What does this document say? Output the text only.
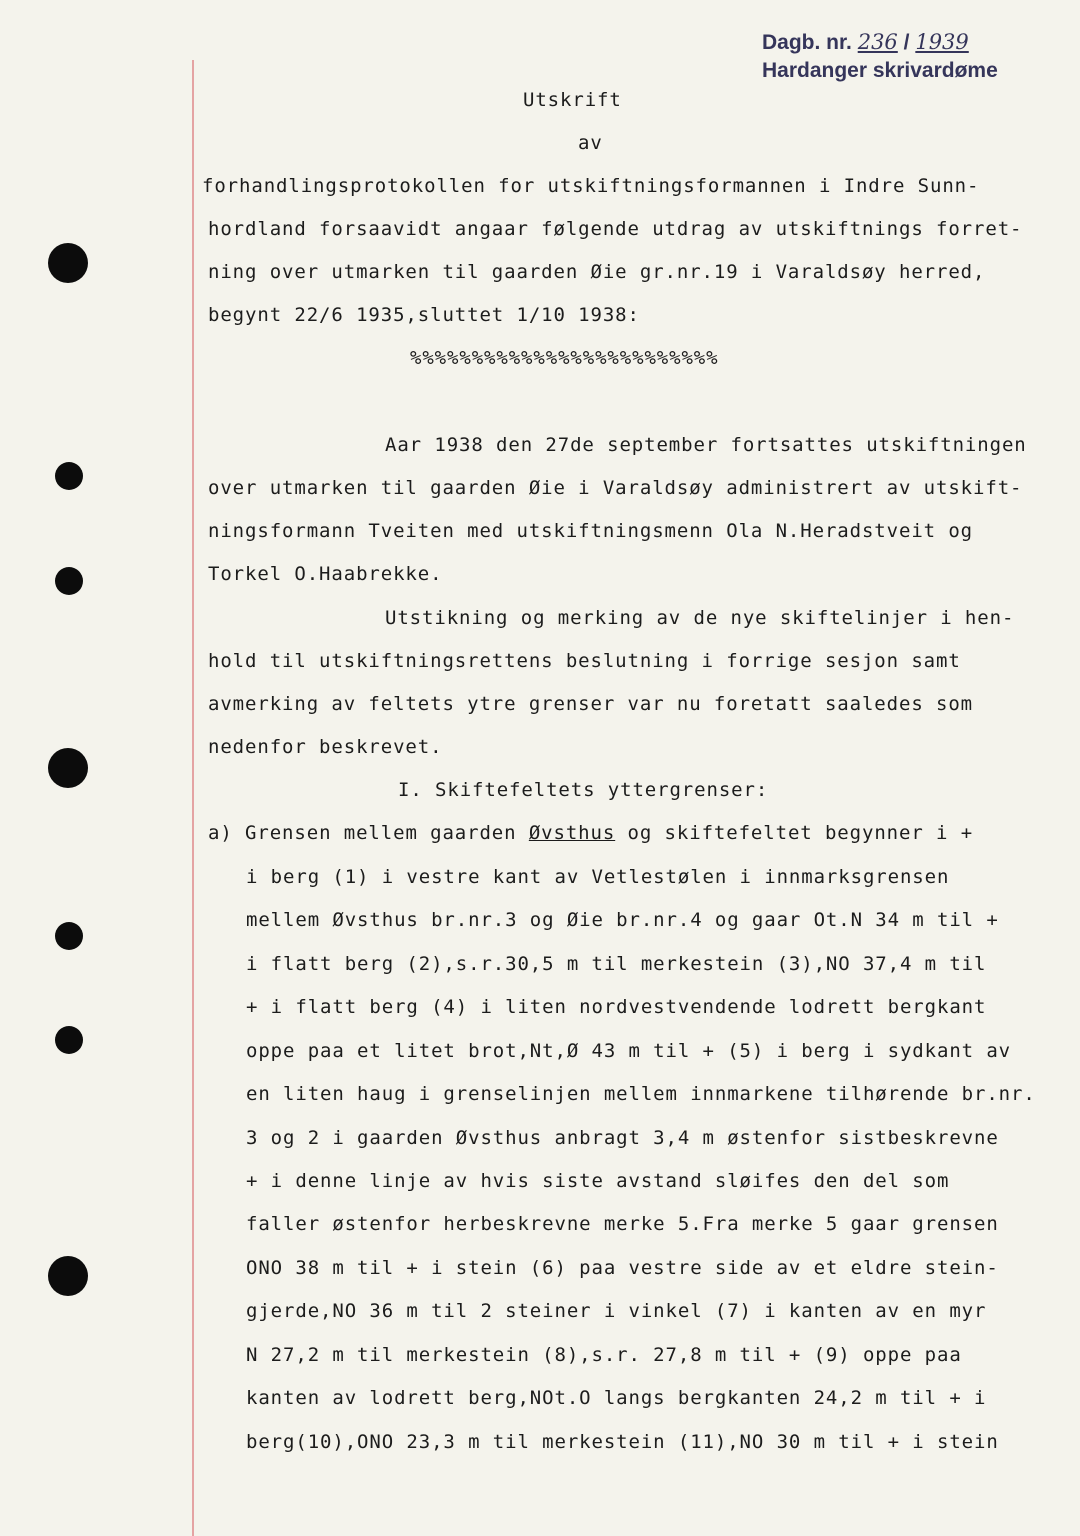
Dagb. nr. 236 / 1939
Hardanger skrivardøme
Utskrift
av
forhandlingsprotokollen for utskiftningsformannen i Indre Sunn-
hordland forsaavidt angaar følgende utdrag av utskiftnings forret-
ning over utmarken til gaarden Øie gr.nr.19 i Varaldsøy herred,
begynt 22/6 1935,sluttet 1/10 1938:
%%%%%%%%%%%%%%%%%%%%%%%%%
Aar 1938 den 27de september fortsattes utskiftningen
over utmarken til gaarden Øie i Varaldsøy administrert av utskift-
ningsformann Tveiten med utskiftningsmenn Ola N.Heradstveit og
Torkel O.Haabrekke.
Utstikning og merking av de nye skiftelinjer i hen-
hold til utskiftningsrettens beslutning i forrige sesjon samt
avmerking av feltets ytre grenser var nu foretatt saaledes som
nedenfor beskrevet.
I. Skiftefeltets yttergrenser:
a) Grensen mellem gaarden Øvsthus og skiftefeltet begynner i +
i berg (1) i vestre kant av Vetlestølen i innmarksgrensen
mellem Øvsthus br.nr.3 og Øie br.nr.4 og gaar Ot.N 34 m til +
i flatt berg (2),s.r.30,5 m til merkestein (3),NO 37,4 m til
+ i flatt berg (4) i liten nordvestvendende lodrett bergkant
oppe paa et litet brot,Nt,Ø 43 m til + (5) i berg i sydkant av
en liten haug i grenselinjen mellem innmarkene tilhørende br.nr.
3 og 2 i gaarden Øvsthus anbragt 3,4 m østenfor sistbeskrevne
+ i denne linje av hvis siste avstand sløifes den del som
faller østenfor herbeskrevne merke 5.Fra merke 5 gaar grensen
ONO 38 m til + i stein (6) paa vestre side av et eldre stein-
gjerde,NO 36 m til 2 steiner i vinkel (7) i kanten av en myr
N 27,2 m til merkestein (8),s.r. 27,8 m til + (9) oppe paa
kanten av lodrett berg,NOt.O langs bergkanten 24,2 m til + i
berg(10),ONO 23,3 m til merkestein (11),NO 30 m til + i stein
